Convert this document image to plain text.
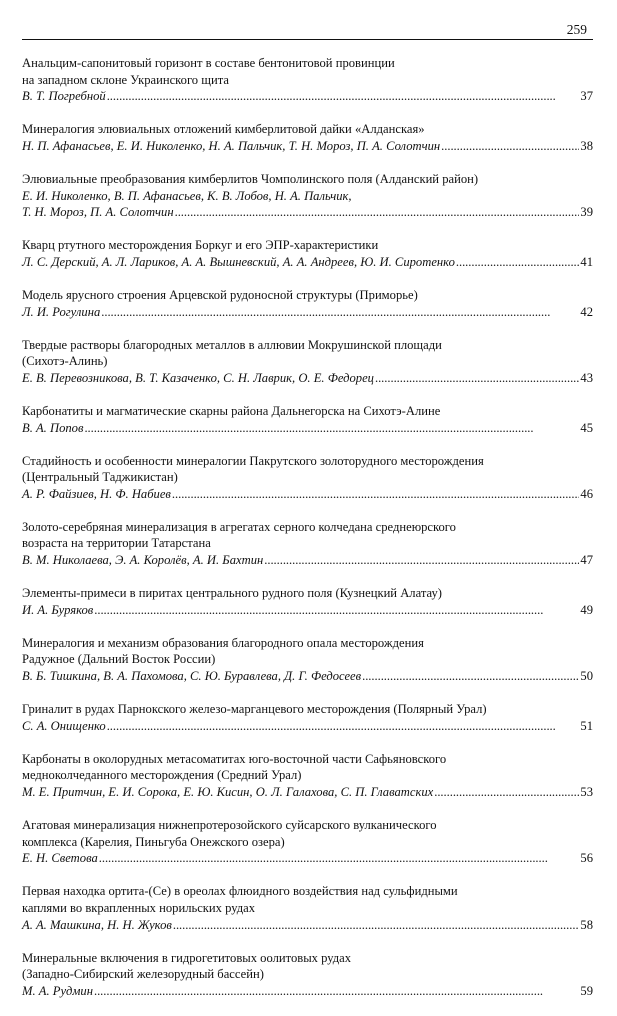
259
Анальцим-сапонитовый горизонт в составе бентонитовой провинции
на западном склоне Украинского щита
В. Т. Погребной . . .	37
Минералогия элювиальных отложений кимберлитовой дайки «Алданская»
Н. П. Афанасьев, Е. И. Николенко, Н. А. Пальчик, Т. Н. Мороз, П. А. Солотчин . . .	38
Элювиальные преобразования кимберлитов Чомполинского поля (Алданский район)
Е. И. Николенко, В. П. Афанасьев, К. В. Лобов, Н. А. Пальчик,
Т. Н. Мороз, П. А. Солотчин . . .	39
Кварц ртутного месторождения Боркуг и его ЭПР-характеристики
Л. С. Дерский, А. Л. Лариков, А. А. Вышневский, А. А. Андреев, Ю. И. Сиротенко . . .	41
Модель ярусного строения Арцевской рудоносной структуры (Приморье)
Л. И. Рогулина . . .	42
Твердые растворы благородных металлов в аллювии Мокрушинской площади
(Сихотэ-Алинь)
Е. В. Перевозникова, В. Т. Казаченко, С. Н. Лаврик, О. Е. Федорец . . .	43
Карбонатиты и магматические скарны района Дальнегорска на Сихотэ-Алине
В. А. Попов . . .	45
Стадийность и особенности минералогии Пакрутского золоторудного месторождения
(Центральный Таджикистан)
А. Р. Файзиев, Н. Ф. Набиев . . .	46
Золото-серебряная минерализация в агрегатах серного колчедана среднеюрского
возраста на территории Татарстана
В. М. Николаева, Э. А. Королёв, А. И. Бахтин . . .	47
Элементы-примеси в пиритах центрального рудного поля (Кузнецкий Алатау)
И. А. Буряков . . .	49
Минералогия и механизм образования благородного опала месторождения
Радужное (Дальний Восток России)
В. Б. Тишкина, В. А. Пахомова, С. Ю. Буравлева, Д. Г. Федосеев . . .	50
Гриналит в рудах Парнокского железо-марганцевого месторождения (Полярный Урал)
С. А. Онищенко . . .	51
Карбонаты в околорудных метасоматитах юго-восточной части Сафьяновского
медноколчеданного месторождения (Средний Урал)
М. Е. Притчин, Е. И. Сорока, Е. Ю. Кисин, О. Л. Галахова, С. П. Главатских . . .	53
Агатовая минерализация нижнепротерозойского суйсарского вулканического
комплекса (Карелия, Пиньгуба Онежского озера)
Е. Н. Светова . . .	56
Первая находка ортита-(Се) в ореолах флюидного воздействия над сульфидными
каплями во вкрапленных норильских рудах
А. А. Машкина, Н. Н. Жуков . . .	58
Минеральные включения в гидрогетитовых оолитовых рудах
(Западно-Сибирский железорудный бассейн)
М. А. Рудмин . . .	59
